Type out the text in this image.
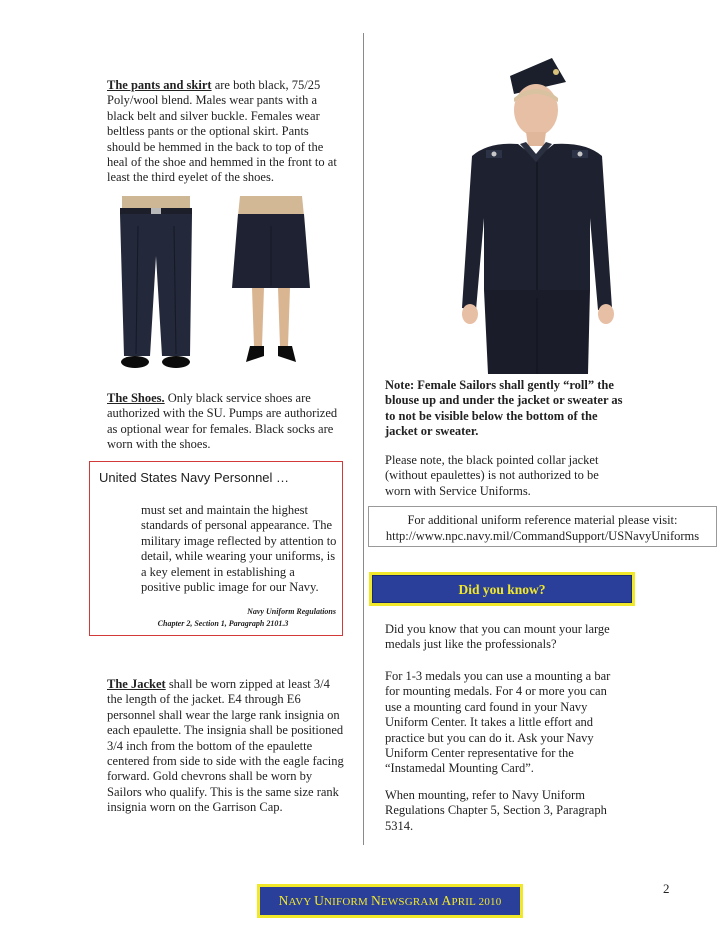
The pants and skirt are both black, 75/25 Poly/wool blend. Males wear pants with a black belt and silver buckle. Females wear beltless pants or the optional skirt. Pants should be hemmed in the back to top of the heal of the shoe and hemmed in the front to at least the third eyelet of the shoes.
The Shoes. Only black service shoes are authorized with the SU. Pumps are authorized as optional wear for females. Black socks are worn with the shoes.
United States Navy Personnel …
must set and maintain the highest standards of personal appearance. The military image reflected by attention to detail, while wearing your uniforms, is a key element in establishing a positive public image for our Navy.
Navy Uniform Regulations
Chapter 2, Section 1, Paragraph 2101.3
The Jacket shall be worn zipped at least 3/4 the length of the jacket. E4 through E6 personnel shall wear the large rank insignia on each epaulette. The insignia shall be positioned 3/4 inch from the bottom of the epaulette centered from side to side with the eagle facing forward. Gold chevrons shall be worn by Sailors who qualify. This is the same size rank insignia worn on the Garrison Cap.
Note: Female Sailors shall gently “roll” the blouse up and under the jacket or sweater as to not be visible below the bottom of the jacket or sweater.
Please note, the black pointed collar jacket (without epaulettes) is not authorized to be worn with Service Uniforms.
For additional uniform reference material please visit:
http://www.npc.navy.mil/CommandSupport/USNavyUniforms
Did you know?
Did you know that you can mount your large medals just like the professionals?
For 1-3 medals you can use a mounting a bar for mounting medals. For 4 or more you can use a mounting card found in your Navy Uniform Center. It takes a little effort and practice but you can do it. Ask your Navy Uniform Center representative for the “Instamedal Mounting Card”.
When mounting, refer to Navy Uniform Regulations Chapter 5, Section 3, Paragraph 5314.
2
NAVY UNIFORM NEWSGRAM APRIL 2010
